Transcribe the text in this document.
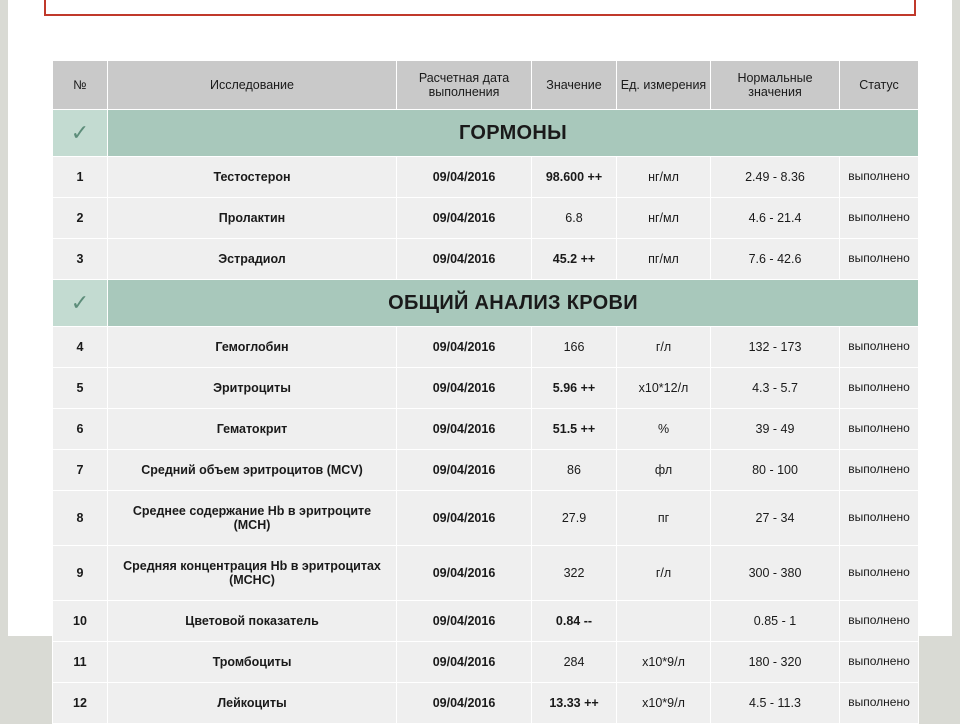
№	Исследование	Расчетная дата выполнения	Значение	Ед. измерения	Нормальные значения	Статус
✓	ГОРМОНЫ					
1	Тестостерон	09/04/2016	98.600 ++	нг/мл	2.49 - 8.36	выполнено
2	Пролактин	09/04/2016	6.8	нг/мл	4.6 - 21.4	выполнено
3	Эстрадиол	09/04/2016	45.2 ++	пг/мл	7.6 - 42.6	выполнено
✓	ОБЩИЙ АНАЛИЗ КРОВИ					
4	Гемоглобин	09/04/2016	166	г/л	132 - 173	выполнено
5	Эритроциты	09/04/2016	5.96 ++	х10*12/л	4.3 - 5.7	выполнено
6	Гематокрит	09/04/2016	51.5 ++	%	39 - 49	выполнено
7	Средний объем эритроцитов (MCV)	09/04/2016	86	фл	80 - 100	выполнено
8	Среднее содержание Hb в эритроците (MCH)	09/04/2016	27.9	пг	27 - 34	выполнено
9	Средняя концентрация Hb в эритроцитах (MCHC)	09/04/2016	322	г/л	300 - 380	выполнено
10	Цветовой показатель	09/04/2016	0.84 --		0.85 - 1	выполнено
11	Тромбоциты	09/04/2016	284	х10*9/л	180 - 320	выполнено
12	Лейкоциты	09/04/2016	13.33 ++	х10*9/л	4.5 - 11.3	выполнено
